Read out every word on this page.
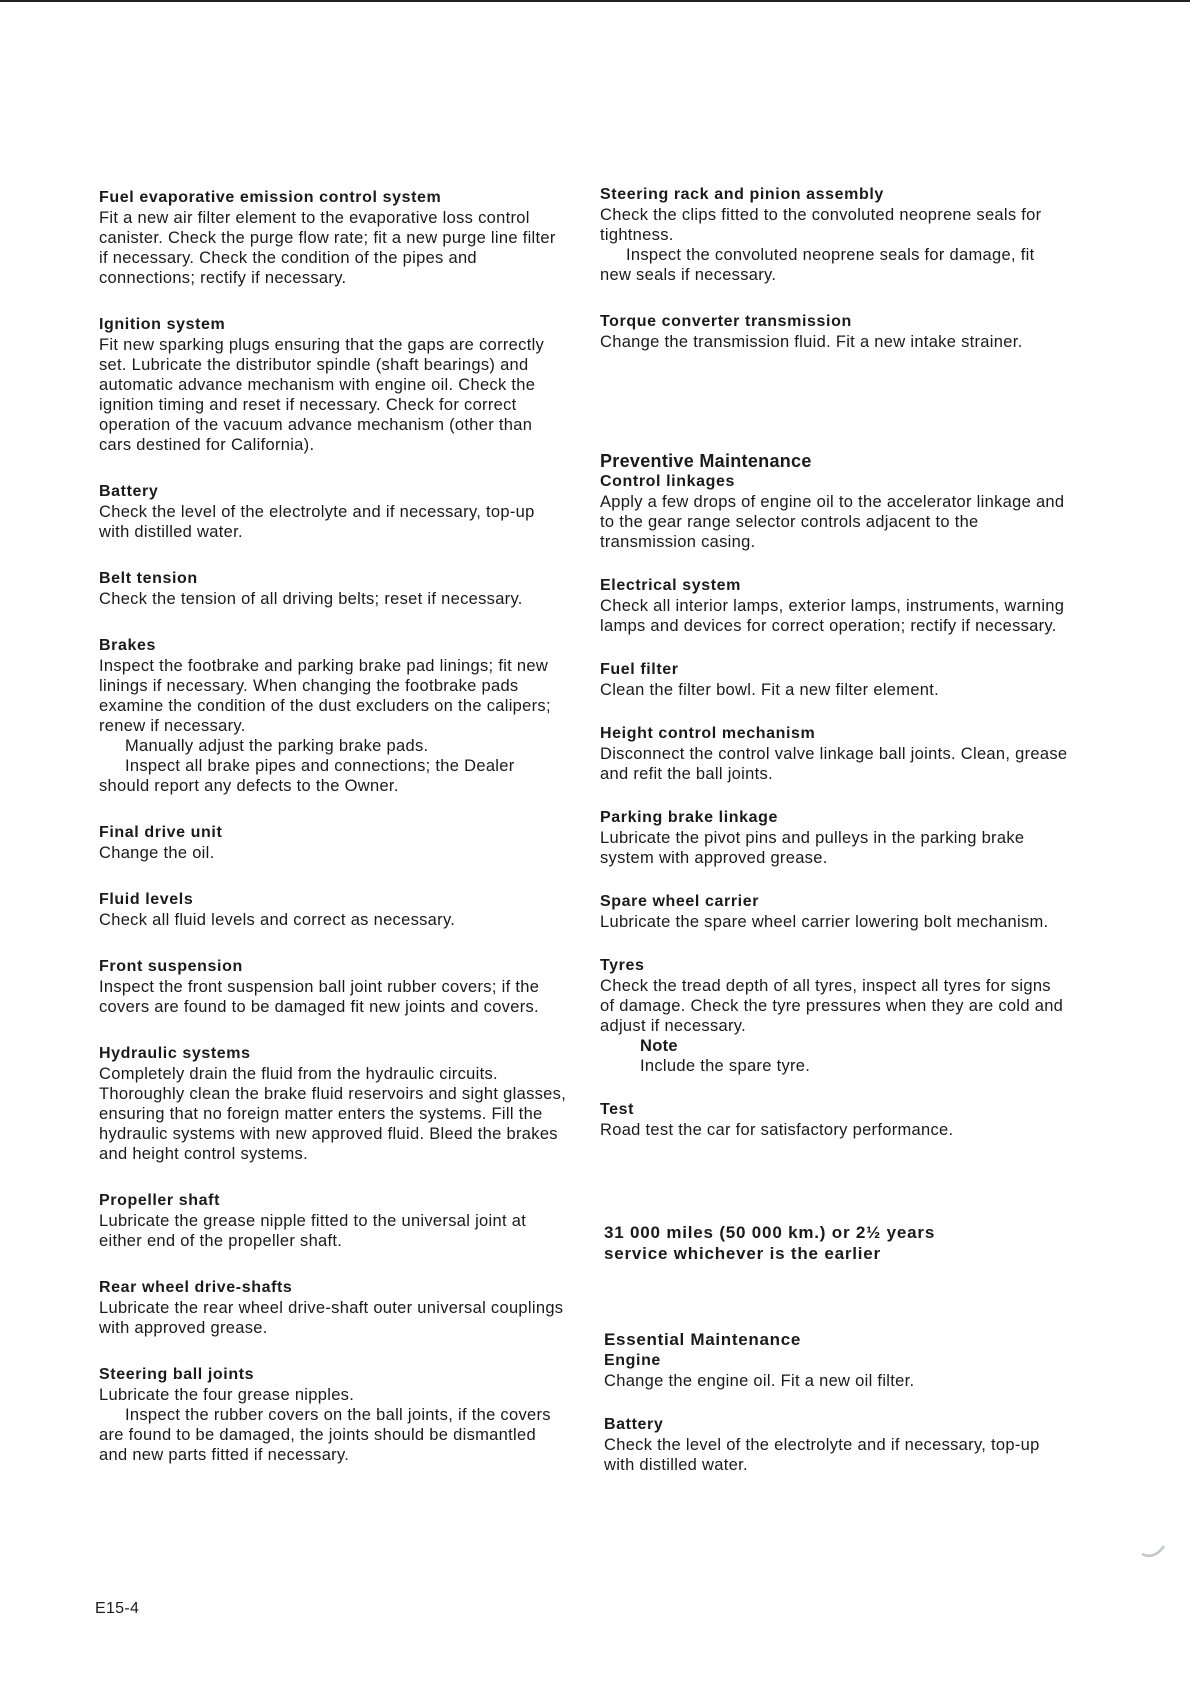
Fuel evaporative emission control system

Fit a new air filter element to the evaporative loss control canister. Check the purge flow rate; fit a new purge line filter if necessary. Check the condition of the pipes and connections; rectify if necessary.

Ignition system

Fit new sparking plugs ensuring that the gaps are correctly set. Lubricate the distributor spindle (shaft bearings) and automatic advance mechanism with engine oil. Check the ignition timing and reset if necessary. Check for correct operation of the vacuum advance mechanism (other than cars destined for California).

Battery

Check the level of the electrolyte and if necessary, top-up with distilled water.

Belt tension

Check the tension of all driving belts; reset if necessary.

Brakes

Inspect the footbrake and parking brake pad linings; fit new linings if necessary. When changing the footbrake pads examine the condition of the dust excluders on the calipers; renew if necessary.

Manually adjust the parking brake pads.

Inspect all brake pipes and connections; the Dealer should report any defects to the Owner.

Final drive unit

Change the oil.

Fluid levels

Check all fluid levels and correct as necessary.

Front suspension

Inspect the front suspension ball joint rubber covers; if the covers are found to be damaged fit new joints and covers.

Hydraulic systems

Completely drain the fluid from the hydraulic circuits. Thoroughly clean the brake fluid reservoirs and sight glasses, ensuring that no foreign matter enters the systems. Fill the hydraulic systems with new approved fluid. Bleed the brakes and height control systems.

Propeller shaft

Lubricate the grease nipple fitted to the universal joint at either end of the propeller shaft.

Rear wheel drive-shafts

Lubricate the rear wheel drive-shaft outer universal couplings with approved grease.

Steering ball joints

Lubricate the four grease nipples.

Inspect the rubber covers on the ball joints, if the covers are found to be damaged, the joints should be dismantled and new parts fitted if necessary.

Steering rack and pinion assembly

Check the clips fitted to the convoluted neoprene seals for tightness.

Inspect the convoluted neoprene seals for damage, fit new seals if necessary.

Torque converter transmission

Change the transmission fluid. Fit a new intake strainer.

Preventive Maintenance
Control linkages

Apply a few drops of engine oil to the accelerator linkage and to the gear range selector controls adjacent to the transmission casing.

Electrical system

Check all interior lamps, exterior lamps, instruments, warning lamps and devices for correct operation; rectify if necessary.

Fuel filter

Clean the filter bowl. Fit a new filter element.

Height control mechanism

Disconnect the control valve linkage ball joints. Clean, grease and refit the ball joints.

Parking brake linkage

Lubricate the pivot pins and pulleys in the parking brake system with approved grease.

Spare wheel carrier

Lubricate the spare wheel carrier lowering bolt mechanism.

Tyres

Check the tread depth of all tyres, inspect all tyres for signs of damage. Check the tyre pressures when they are cold and adjust if necessary.

Note
Include the spare tyre.
Test

Road test the car for satisfactory performance.

31 000 miles (50 000 km.) or 2½ years
service whichever is the earlier
Essential Maintenance
Engine

Change the engine oil. Fit a new oil filter.

Battery

Check the level of the electrolyte and if necessary, top-up with distilled water.

E15-4
